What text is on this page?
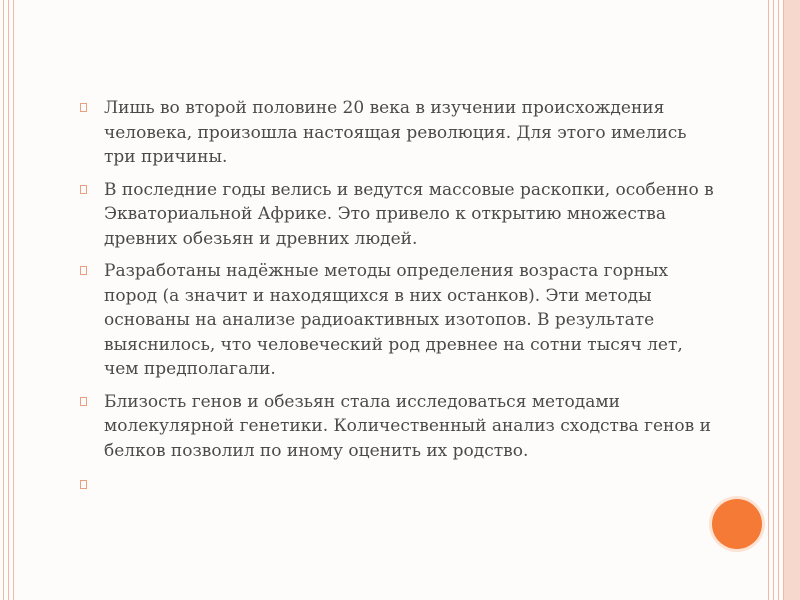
Лишь во второй половине 20 века в изучении происхождения человека, произошла настоящая революция. Для этого имелись три причины.
В последние годы велись и ведутся массовые раскопки, особенно в Экваториальной Африке. Это привело к открытию множества древних обезьян и древних людей.
Разработаны надёжные методы определения возраста горных пород (а значит и находящихся в них останков). Эти методы основаны на анализе радиоактивных изотопов. В результате выяснилось, что человеческий род древнее на сотни тысяч лет, чем предполагали.
Близость генов и обезьян стала исследоваться методами молекулярной генетики. Количественный анализ сходства генов и белков позволил по иному оценить их родство.
